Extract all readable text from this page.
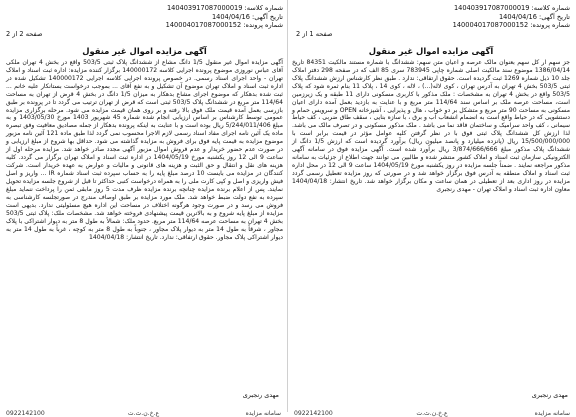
شماره کلاسه: 140403917087000019
تاریخ آگهی: 1404/04/16
شماره پرونده: 140004017087000152
صفحه 1 از 2
آگهی مزایده اموال غیر منقول
جز سهم ار کل سهم بعنوان مالک عرصه و اعیان متن سهم: ششدانگ با شماره مستند مالکیت 84351 تاریخ 1386/04/14 موضوع سند مالکیت اصلی شماره چاپی 783945 سری 85 الف که در صفحه 298 دفتر املاک جلد 10 ذیل شماره 1269 ثبت گردیده است. حقوق ارتفاقی: ندارد . طبق نظر کارشناس ارزش ششدانگ پلاک ثبتی 503/5 بخش 4 تهران به آدرس تهران ، کوی لاله(...) ، لاله ، کوی 14 ، پلاک 11 بنام ثمره شود که پلاک 503/5 واقع در بخش 4 تهران به مشخصات : ملک مذکور با کاربری مسکونی دارای 11 طبقه و یک زیرزمین است، مساحت عرصه ملک بر اساس سند 114/64 متر مربع و با عنایت به بازدید بعمل آمده دارای اعیان مسکونی به مساحت 90 متر مربع و متشکل بر دو خواب ، هال و پذیرایی ، آشپزخانه OPEN و سرویس حمام و دستشویی که در حیاط واقع است به انضمام انشعاب آب و برق ، با سازه بنایی ، سقف طاق ضربی ، کف حیاط سیمانی ، کف واحد سرامیک و ساختمان فاقد نما می باشد . ملک مذکور مسکونی و در تصرف مالک می باشد. لذا ارزش کل ششدانگ پلاک ثبتی فوق با در نظر گرفتن کلیه عوامل مؤثر در قیمت برابر است با 15/500/000/000 ریال (پانزده میلیارد و پانصد میلیون ریال) برآورد گردیده است که ارزش 1/5 دانگ از ششدانگ پلاک مذکور مبلغ 3/874/666/666 ریال برآورد شده است. آگهی مزایده فوق در سامانه آگهی الکترونیکی سازمان ثبت اسناد و املاک کشور منتشر شده و طالبین می توانند جهت اطلاع از جزئیات به سامانه مذکور مراجعه نمایند . ضمناً جلسه مزایده در روز یکشنبه مورخ 1404/05/19 ساعت 9 الی 12 در محل اداره ثبت اسناد و املاک منطقه به آدرس فوق برگزار خواهد شد و در صورتی که روز مزایده تعطیل رسمی گردد مزایده در روز اداری بعد از تعطیلی در همان ساعت و مکان برگزار خواهد شد. تاریخ انتشار: 1404/04/18 معاون اداره ثبت اسناد و املاک تهران - مهدی رنجبری
مهدی رنجبری
سامانه مزایده
ع.خ.ن.ث.ت
0922142100
شماره کلاسه: 140403917087000019
تاریخ آگهی: 1404/04/16
شماره پرونده: 140004017087000152
صفحه 2 از 2
آگهی مزایده اموال غیر منقول
آگهی مزایده اموال غیر منقول 1/5 دانگ مشاع از ششدانگ پلاک ثبتی 503/5 واقع در بخش 4 تهران ملکی آقای عباس نوروزی موضوع پرونده اجرایی کلاسه 140000172 برگزار کننده مزایده: اداره ثبت اسناد و املاک تهران - واحد اجرای اسناد رسمی. در خصوص پرونده اجرایی کلاسه اجرایی 140000172 تشکیل شده در اداره ثبت اسناد و املاک تهران موضوع آن تشکیل و به نفع آقای ... بموجب درخواست بستانکار علیه خانم ... ثبت شده بدهکار که موضوع اجرای مشاع بدهکار به میزان 1/5 دانگ در بخش 4 قرض از تهران به مساحت 114/64 متر مربع در ششدانگ پلاک 503/5 ثبتی است که قرض از تهران ترتیب می گردد تا در پرونده بر طبق بازرسی بعمل آمده قیمت ملک فوق بالا رفته و بر روی همان قیمت مزایده می شود. مرحله برگزاری مزایده عمومی توسط کارشناس بر اساس ارزیابی انجام شده شماره 45 شهریور 1403 مورخ 1403/05/30 و به مبلغ 5/244/011/406 ریال بوده است و با عنایت به اینکه پرونده بدهکار از جمله مصادیق معافیت وفق تبصره ماده یک آئین نامه اجرای مفاد اسناد رسمی لازم الاجرا محسوب نمی گردد لذا طبق ماده 121 آئین نامه مزبور موضوع مزایده به قیمت پایه فوق برای فروش به مزایده گذاشته می شود. حداقل بها شروع از مبلغ ارزیابی و در صورت عدم حضور خریدار و عدم فروش اموال مزبور آگهی مجدد صادر خواهد شد. مزایده مرحله اول از ساعت 9 الی 12 روز یکشنبه مورخ 1404/05/19 در اداره ثبت اسناد و املاک تهران برگزار می گردد. کلیه هزینه های نقل و انتقال و حق الثبت و هزینه های قانونی و مالیات و عوارض به عهده خریدار است. شرکت کنندگان در مزایده می بایست 10 درصد مبلغ پایه را به حساب سپرده ثبت اسناد شماره IR ... واریز و اصل فیش واریزی و اصل و کپی کارت ملی را به همراه درخواست کتبی حداکثر تا قبل از شروع جلسه مزایده تحویل نمایند. پس از اعلام برنده مزایده چنانچه برنده مزایده ظرف مدت 5 روز مابقی ثمن را پرداخت ننماید مبلغ سپرده به نفع دولت ضبط خواهد شد. ملک مورد مزایده بر طبق اوصاف مندرج در صورتجلسه کارشناسی به فروش می رسد و در صورت وجود هرگونه اختلاف در مساحت این اداره هیچ مسئولیتی ندارد. بدیهی است مزایده از مبلغ پایه شروع و به بالاترین قیمت پیشنهادی فروخته خواهد شد. مشخصات ملک: پلاک ثبتی 503/5 بخش 4 تهران به مساحت عرصه 114/64 متر مربع. حدود ملک: شمالاً به طول 8 متر به دیوار اشتراکی با پلاک مجاور ، شرقاً به طول 14 متر به دیوار پلاک مجاور ، جنوباً به طول 8 متر به کوچه ، غرباً به طول 14 متر به دیوار اشتراکی پلاک مجاور. حقوق ارتفاقی: ندارد. تاریخ انتشار: 1404/04/18
مهدی رنجبری
سامانه مزایده
ع.خ.ن.ث.ت
0922142100
